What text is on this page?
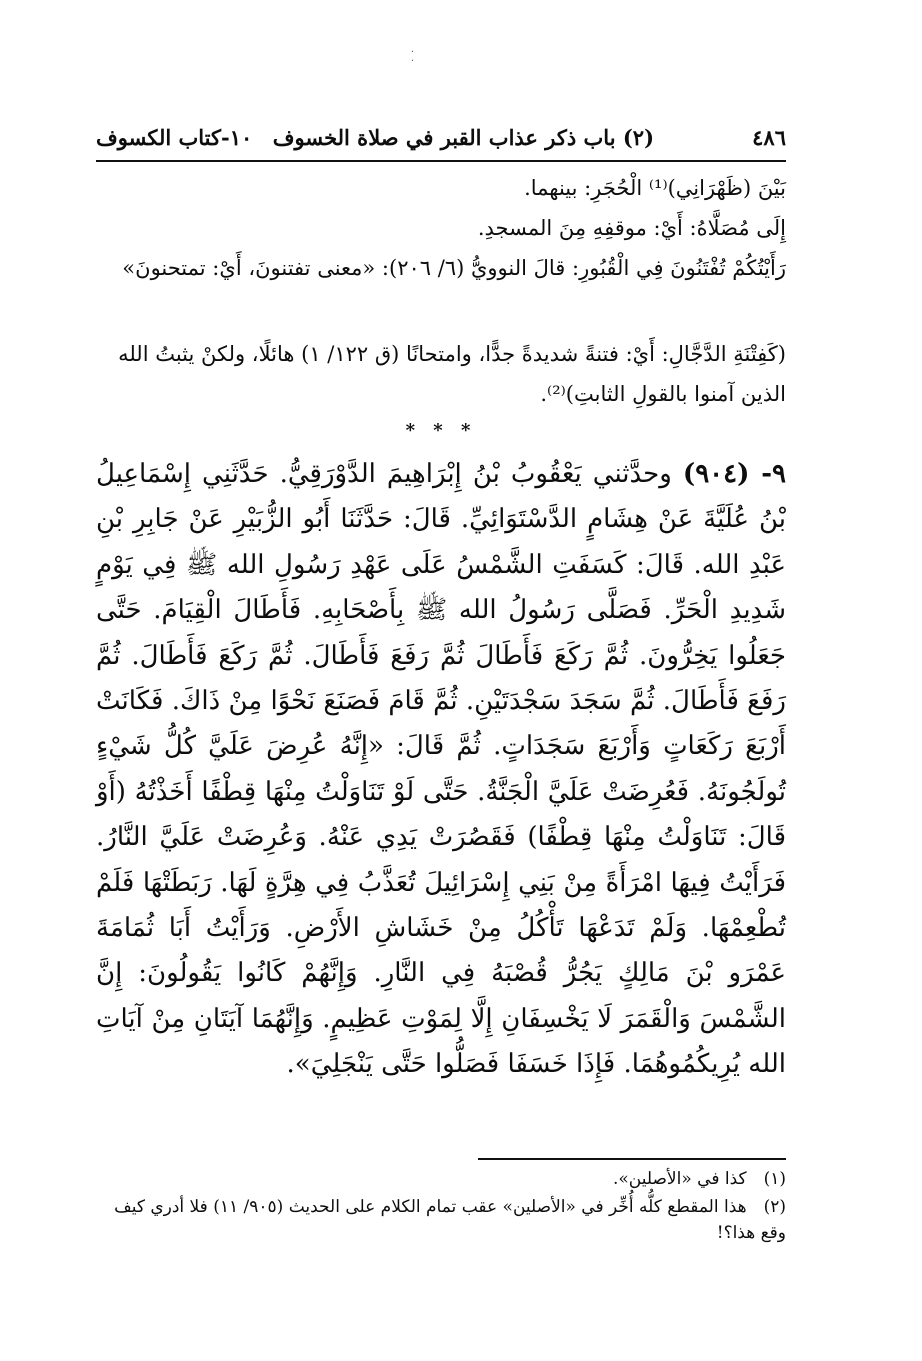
·
·
٤٨٦
(٢) باب ذكر عذاب القبر في صلاة الخسوف
١٠-كتاب الكسوف

بَيْنَ (ظَهْرَانِي)⁽¹⁾ الْحُجَرِ: بينهما.

إِلَى مُصَلَّاهُ: أَيْ: موقفِهِ مِنَ المسجدِ.

رَأَيْتُكُمْ تُفْتَنُونَ فِي الْقُبُورِ: قالَ النوويُّ (٦/ ٢٠٦): «معنى تفتنونَ، أَيْ: تمتحنونَ»

(كَفِتْنَةِ الدَّجَّالِ: أَيْ: فتنةً شديدةً جدًّا، وامتحانًا (ق ١٢٢/ ١) هائلًا، ولكنْ يثبتُ الله الذين آمنوا بالقولِ الثابتِ)⁽²⁾.

* * *
٩- (٩٠٤) وحدَّثني يَعْقُوبُ بْنُ إِبْرَاهِيمَ الدَّوْرَقِيُّ. حَدَّثَنِي إِسْمَاعِيلُ بْنُ عُلَيَّةَ عَنْ هِشَامٍ الدَّسْتَوَائِيِّ. قَالَ: حَدَّثَنَا أَبُو الزُّبَيْرِ عَنْ جَابِرِ بْنِ عَبْدِ الله. قَالَ: كَسَفَتِ الشَّمْسُ عَلَى عَهْدِ رَسُولِ الله ﷺ فِي يَوْمٍ شَدِيدِ الْحَرِّ. فَصَلَّى رَسُولُ الله ﷺ بِأَصْحَابِهِ. فَأَطَالَ الْقِيَامَ. حَتَّى جَعَلُوا يَخِرُّونَ. ثُمَّ رَكَعَ فَأَطَالَ ثُمَّ رَفَعَ فَأَطَالَ. ثُمَّ رَكَعَ فَأَطَالَ. ثُمَّ رَفَعَ فَأَطَالَ. ثُمَّ سَجَدَ سَجْدَتَيْنِ. ثُمَّ قَامَ فَصَنَعَ نَحْوًا مِنْ ذَاكَ. فَكَانَتْ أَرْبَعَ رَكَعَاتٍ وَأَرْبَعَ سَجَدَاتٍ. ثُمَّ قَالَ: «إِنَّهُ عُرِضَ عَلَيَّ كُلُّ شَيْءٍ تُولَجُونَهُ. فَعُرِضَتْ عَلَيَّ الْجَنَّةُ. حَتَّى لَوْ تَنَاوَلْتُ مِنْهَا قِطْفًا أَخَذْتُهُ (أَوْ قَالَ: تَنَاوَلْتُ مِنْهَا قِطْفًا) فَقَصُرَتْ يَدِي عَنْهُ. وَعُرِضَتْ عَلَيَّ النَّارُ. فَرَأَيْتُ فِيهَا امْرَأَةً مِنْ بَنِي إِسْرَائِيلَ تُعَذَّبُ فِي هِرَّةٍ لَهَا. رَبَطَتْهَا فَلَمْ تُطْعِمْهَا. وَلَمْ تَدَعْهَا تَأْكُلُ مِنْ خَشَاشِ الأَرْضِ. وَرَأَيْتُ أَبَا ثُمَامَةَ عَمْرَو بْنَ مَالِكٍ يَجُرُّ قُصْبَهُ فِي النَّارِ. وَإِنَّهُمْ كَانُوا يَقُولُونَ: إِنَّ الشَّمْسَ وَالْقَمَرَ لَا يَخْسِفَانِ إِلَّا لِمَوْتِ عَظِيمٍ. وَإِنَّهُمَا آيَتَانِ مِنْ آيَاتِ الله يُرِيكُمُوهُمَا. فَإِذَا خَسَفَا فَصَلُّوا حَتَّى يَنْجَلِيَ».
(١) كذا في «الأصلين».
(٢) هذا المقطع كلُّه أُخِّر في «الأصلين» عقب تمام الكلام على الحديث (٩٠٥/ ١١) فلا أدري كيف وقع هذا؟!
